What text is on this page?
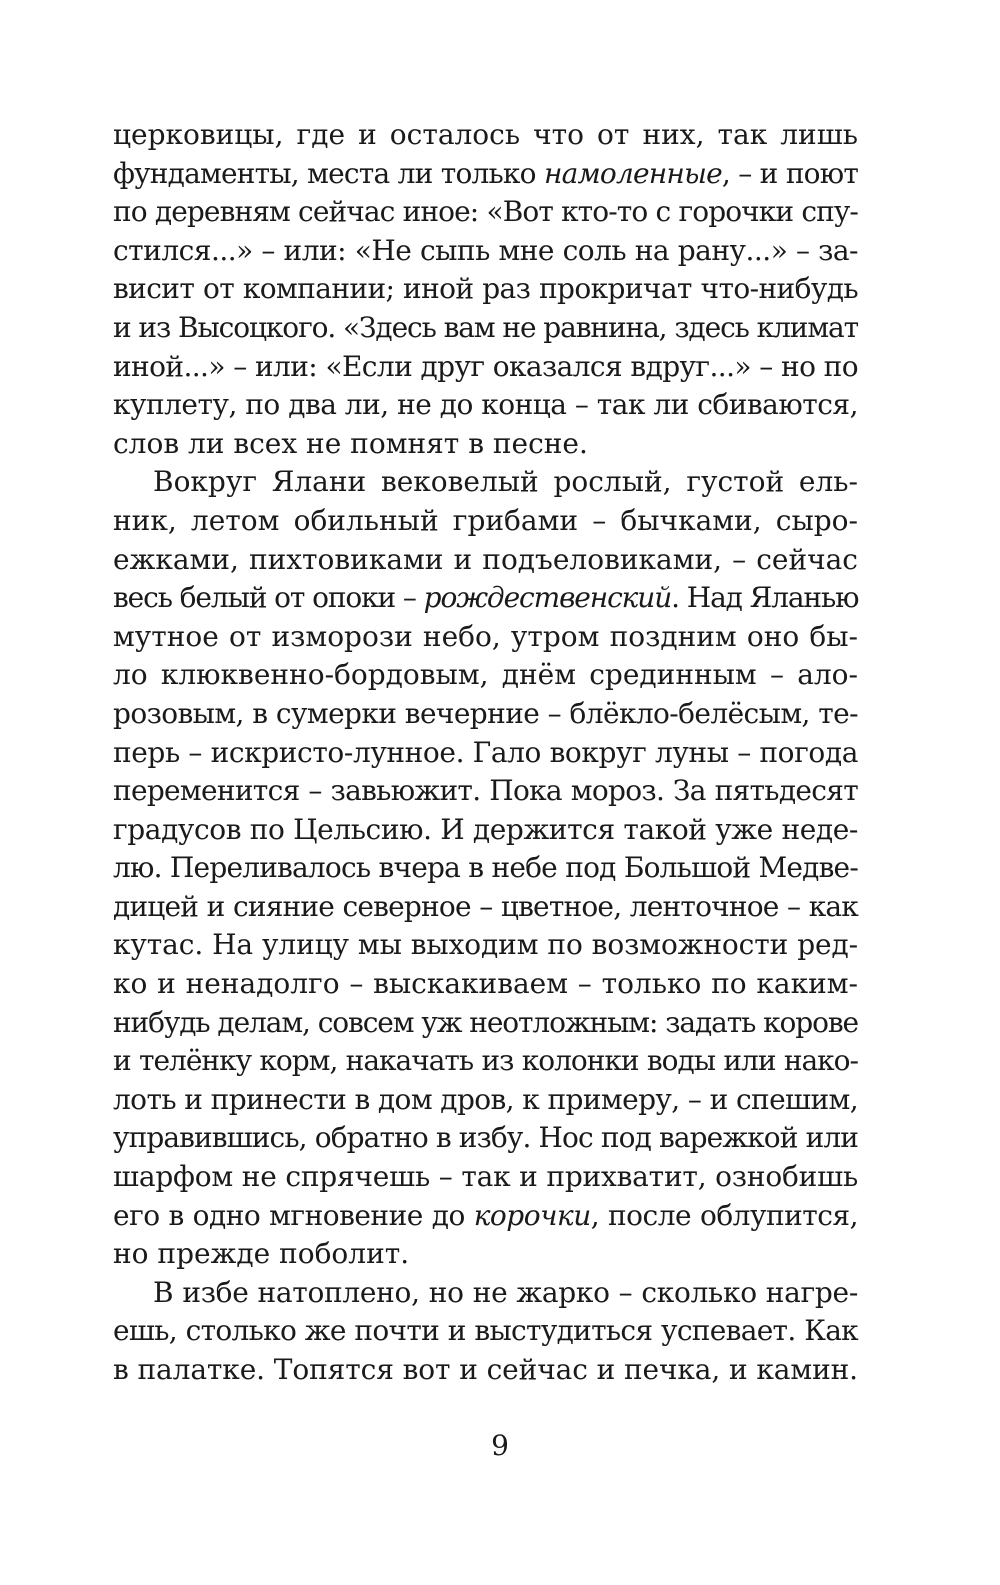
церковицы, где и осталось что от них, так лишь
фундаменты, места ли только намоленные, – и поют
по деревням сейчас иное: «Вот кто-то с горочки спу-
стился...» – или: «Не сыпь мне соль на рану...» – за-
висит от компании; иной раз прокричат что-нибудь
и из Высоцкого. «Здесь вам не равнина, здесь климат
иной...» – или: «Если друг оказался вдруг...» – но по
куплету, по два ли, не до конца – так ли сбиваются,
слов ли всех не помнят в песне.
Вокруг Ялани вековелый рослый, густой ель-
ник, летом обильный грибами – бычками, сыро-
ежками, пихтовиками и подъеловиками, – сейчас
весь белый от опоки – рождественский. Над Яланью
мутное от изморози небо, утром поздним оно бы-
ло клюквенно-бордовым, днём срединным – ало-
розовым, в сумерки вечерние – блёкло-белёсым, те-
перь – искристо-лунное. Гало вокруг луны – погода
переменится – завьюжит. Пока мороз. За пятьдесят
градусов по Цельсию. И держится такой уже неде-
лю. Переливалось вчера в небе под Большой Медве-
дицей и сияние северное – цветное, ленточное – как
кутас. На улицу мы выходим по возможности ред-
ко и ненадолго – выскакиваем – только по каким-
нибудь делам, совсем уж неотложным: задать корове
и телёнку корм, накачать из колонки воды или нако-
лоть и принести в дом дров, к примеру, – и спешим,
управившись, обратно в избу. Нос под варежкой или
шарфом не спрячешь – так и прихватит, ознобишь
его в одно мгновение до корочки, после облупится,
но прежде поболит.
В избе натоплено, но не жарко – сколько нагре-
ешь, столько же почти и выстудиться успевает. Как
в палатке. Топятся вот и сейчас и печка, и камин.
9
